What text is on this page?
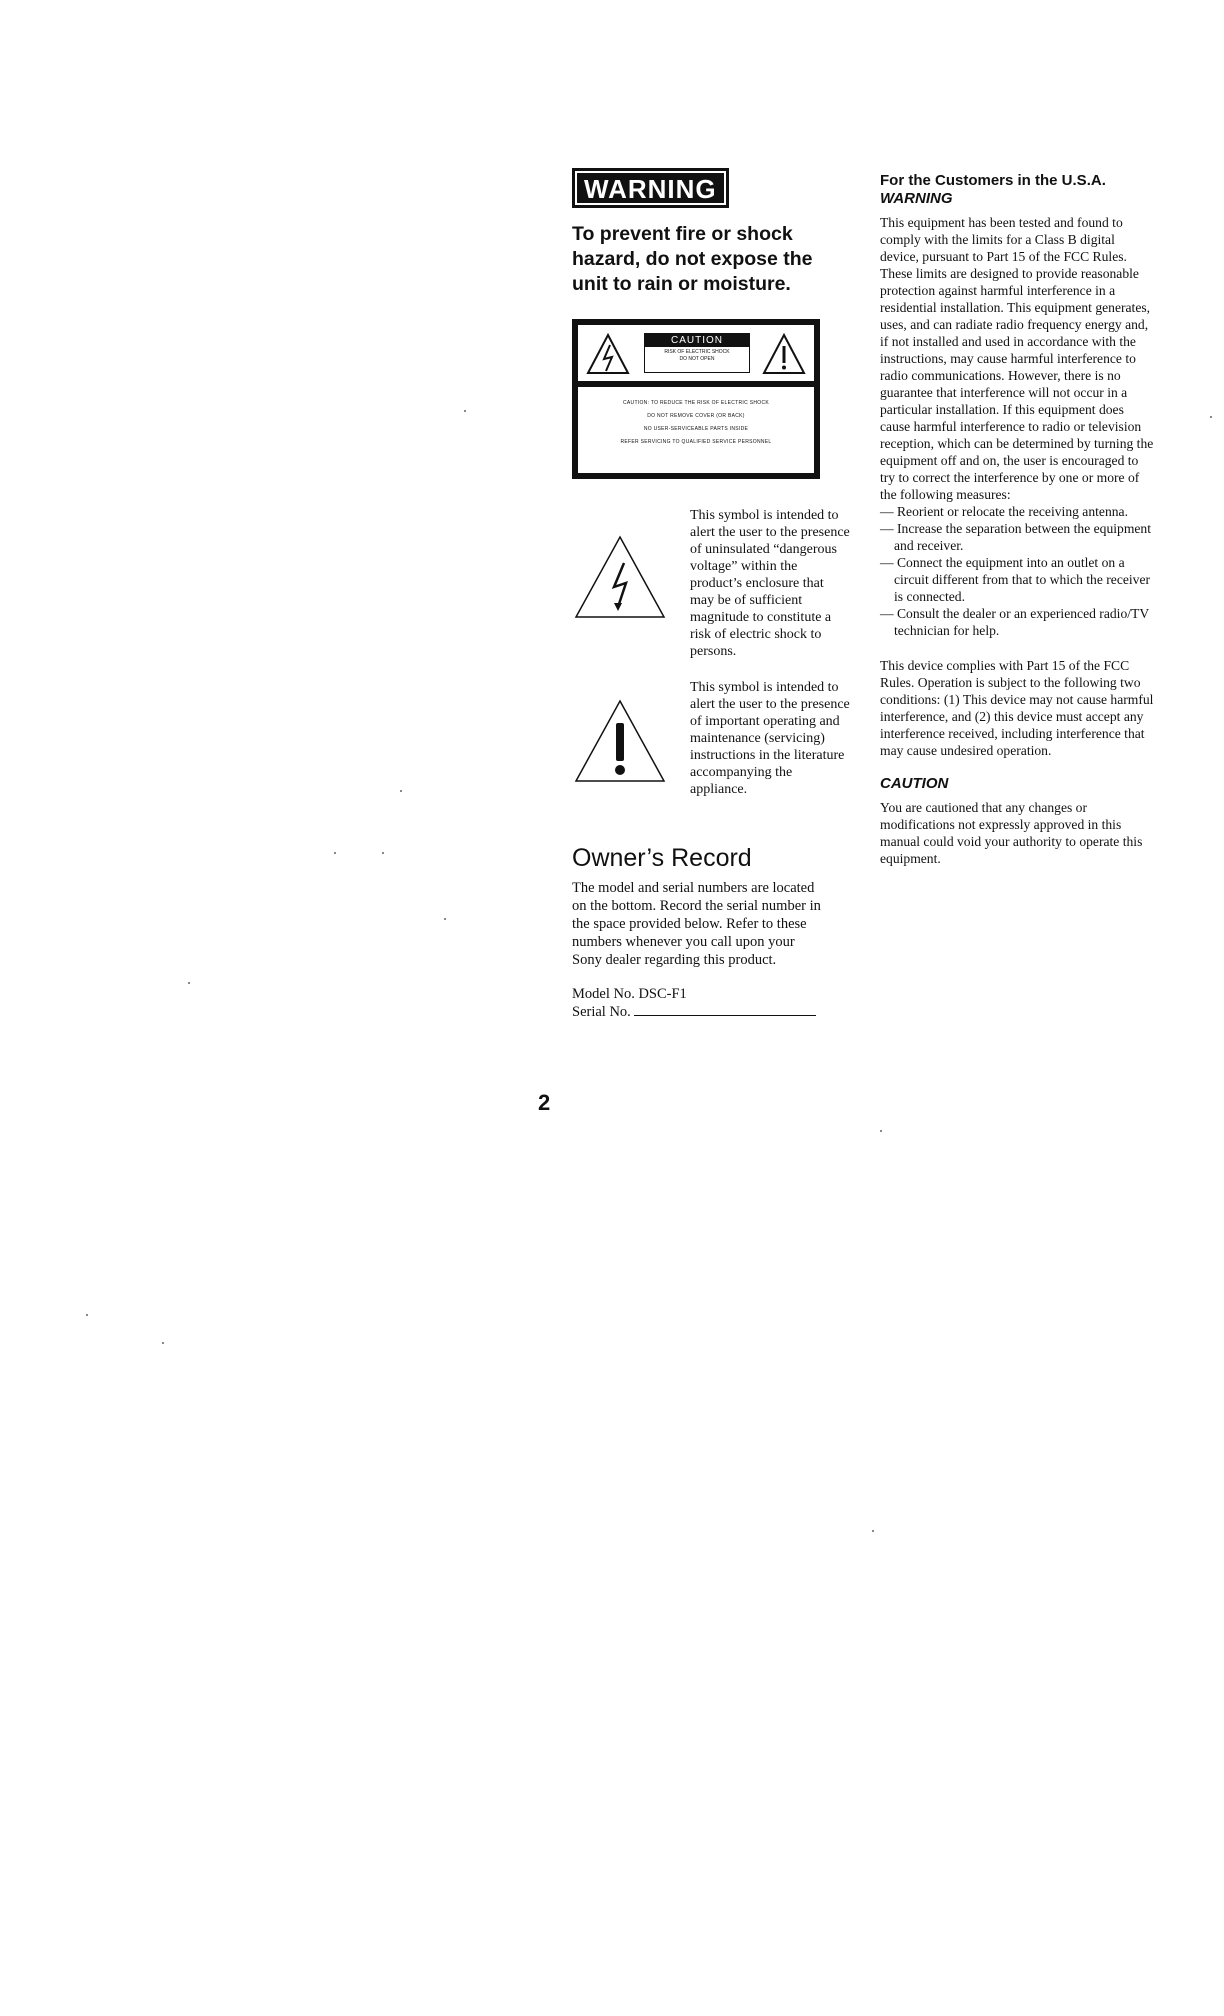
WARNING
To prevent fire or shock hazard, do not expose the unit to rain or moisture.
CAUTION
RISK OF ELECTRIC SHOCK
DO NOT OPEN
CAUTION: TO REDUCE THE RISK OF ELECTRIC SHOCK
DO NOT REMOVE COVER (OR BACK)
NO USER-SERVICEABLE PARTS INSIDE
REFER SERVICING TO QUALIFIED SERVICE PERSONNEL
This symbol is intended to alert the user to the presence of uninsulated “dangerous voltage” within the product’s enclosure that may be of sufficient magnitude to constitute a risk of electric shock to persons.
This symbol is intended to alert the user to the presence of important operating and maintenance (servicing) instructions in the literature accompanying the appliance.
Owner’s Record
The model and serial numbers are located on the bottom. Record the serial number in the space provided below. Refer to these numbers whenever you call upon your Sony dealer regarding this product.
Model No. DSC-F1
Serial No.
For the Customers in the U.S.A.
WARNING
This equipment has been tested and found to comply with the limits for a Class B digital device, pursuant to Part 15 of the FCC Rules. These limits are designed to provide reasonable protection against harmful interference in a residential installation. This equipment generates, uses, and can radiate radio frequency energy and, if not installed and used in accordance with the instructions, may cause harmful interference to radio communications. However, there is no guarantee that interference will not occur in a particular installation. If this equipment does cause harmful interference to radio or television reception, which can be determined by turning the equipment off and on, the user is encouraged to try to correct the interference by one or more of the following measures:
— Reorient or relocate the receiving antenna.
— Increase the separation between the equipment and receiver.
— Connect the equipment into an outlet on a circuit different from that to which the receiver is connected.
— Consult the dealer or an experienced radio/TV technician for help.
This device complies with Part 15 of the FCC Rules. Operation is subject to the following two conditions: (1) This device may not cause harmful interference, and (2) this device must accept any interference received, including interference that may cause undesired operation.
CAUTION
You are cautioned that any changes or modifications not expressly approved in this manual could void your authority to operate this equipment.
2
